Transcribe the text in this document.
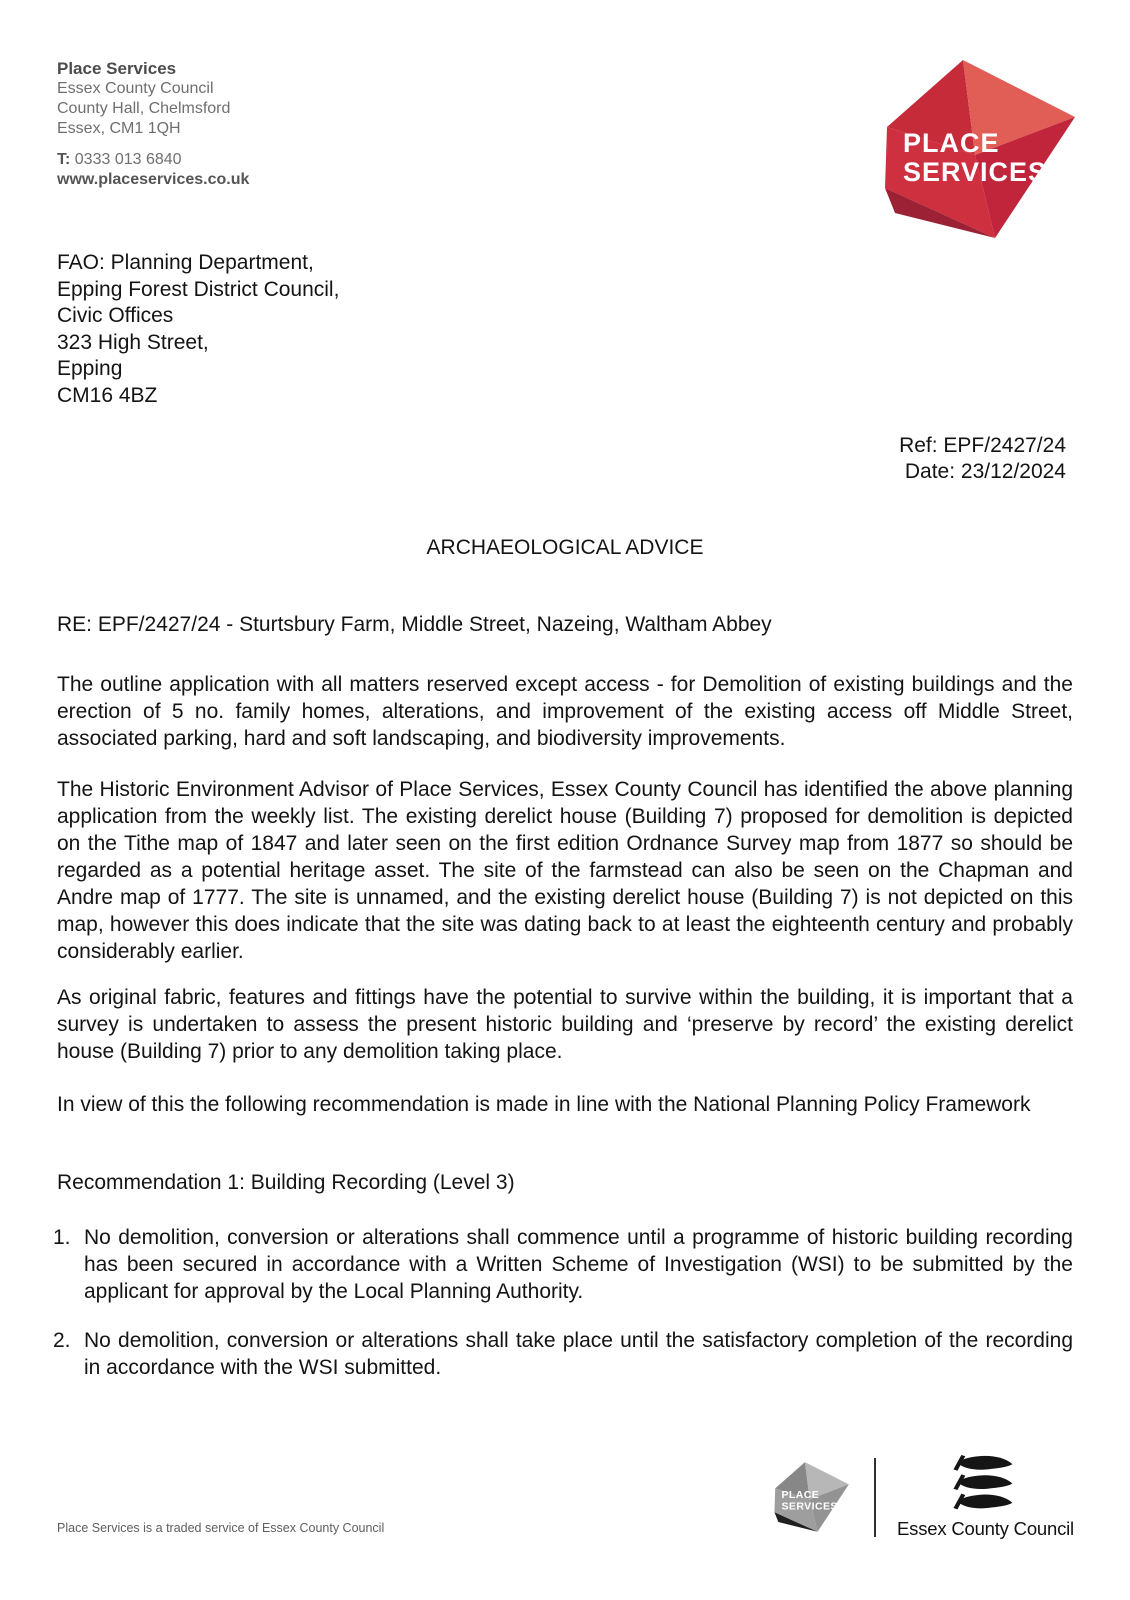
Place Services
Essex County Council
County Hall, Chelmsford
Essex, CM1 1QH
T: 0333 013 6840
www.placeservices.co.uk
PLACE
SERVICES
FAO: Planning Department,
Epping Forest District Council,
Civic Offices
323 High Street,
Epping
CM16 4BZ
Ref: EPF/2427/24
Date: 23/12/2024
ARCHAEOLOGICAL ADVICE
RE: EPF/2427/24 - Sturtsbury Farm, Middle Street, Nazeing, Waltham Abbey
The outline application with all matters reserved except access - for Demolition of existing buildings and the erection of 5 no. family homes, alterations, and improvement of the existing access off Middle Street, associated parking, hard and soft landscaping, and biodiversity improvements.
The Historic Environment Advisor of Place Services, Essex County Council has identified the above planning application from the weekly list. The existing derelict house (Building 7) proposed for demolition is depicted on the Tithe map of 1847 and later seen on the first edition Ordnance Survey map from 1877 so should be regarded as a potential heritage asset. The site of the farmstead can also be seen on the Chapman and Andre map of 1777. The site is unnamed, and the existing derelict house (Building 7) is not depicted on this map, however this does indicate that the site was dating back to at least the eighteenth century and probably considerably earlier.
As original fabric, features and fittings have the potential to survive within the building, it is important that a survey is undertaken to assess the present historic building and ‘preserve by record’ the existing derelict house (Building 7) prior to any demolition taking place.
In view of this the following recommendation is made in line with the National Planning Policy Framework
Recommendation 1: Building Recording (Level 3)
1. No demolition, conversion or alterations shall commence until a programme of historic building recording has been secured in accordance with a Written Scheme of Investigation (WSI) to be submitted by the applicant for approval by the Local Planning Authority.
2. No demolition, conversion or alterations shall take place until the satisfactory completion of the recording in accordance with the WSI submitted.
PLACE
SERVICES
Essex County Council
Place Services is a traded service of Essex County Council
